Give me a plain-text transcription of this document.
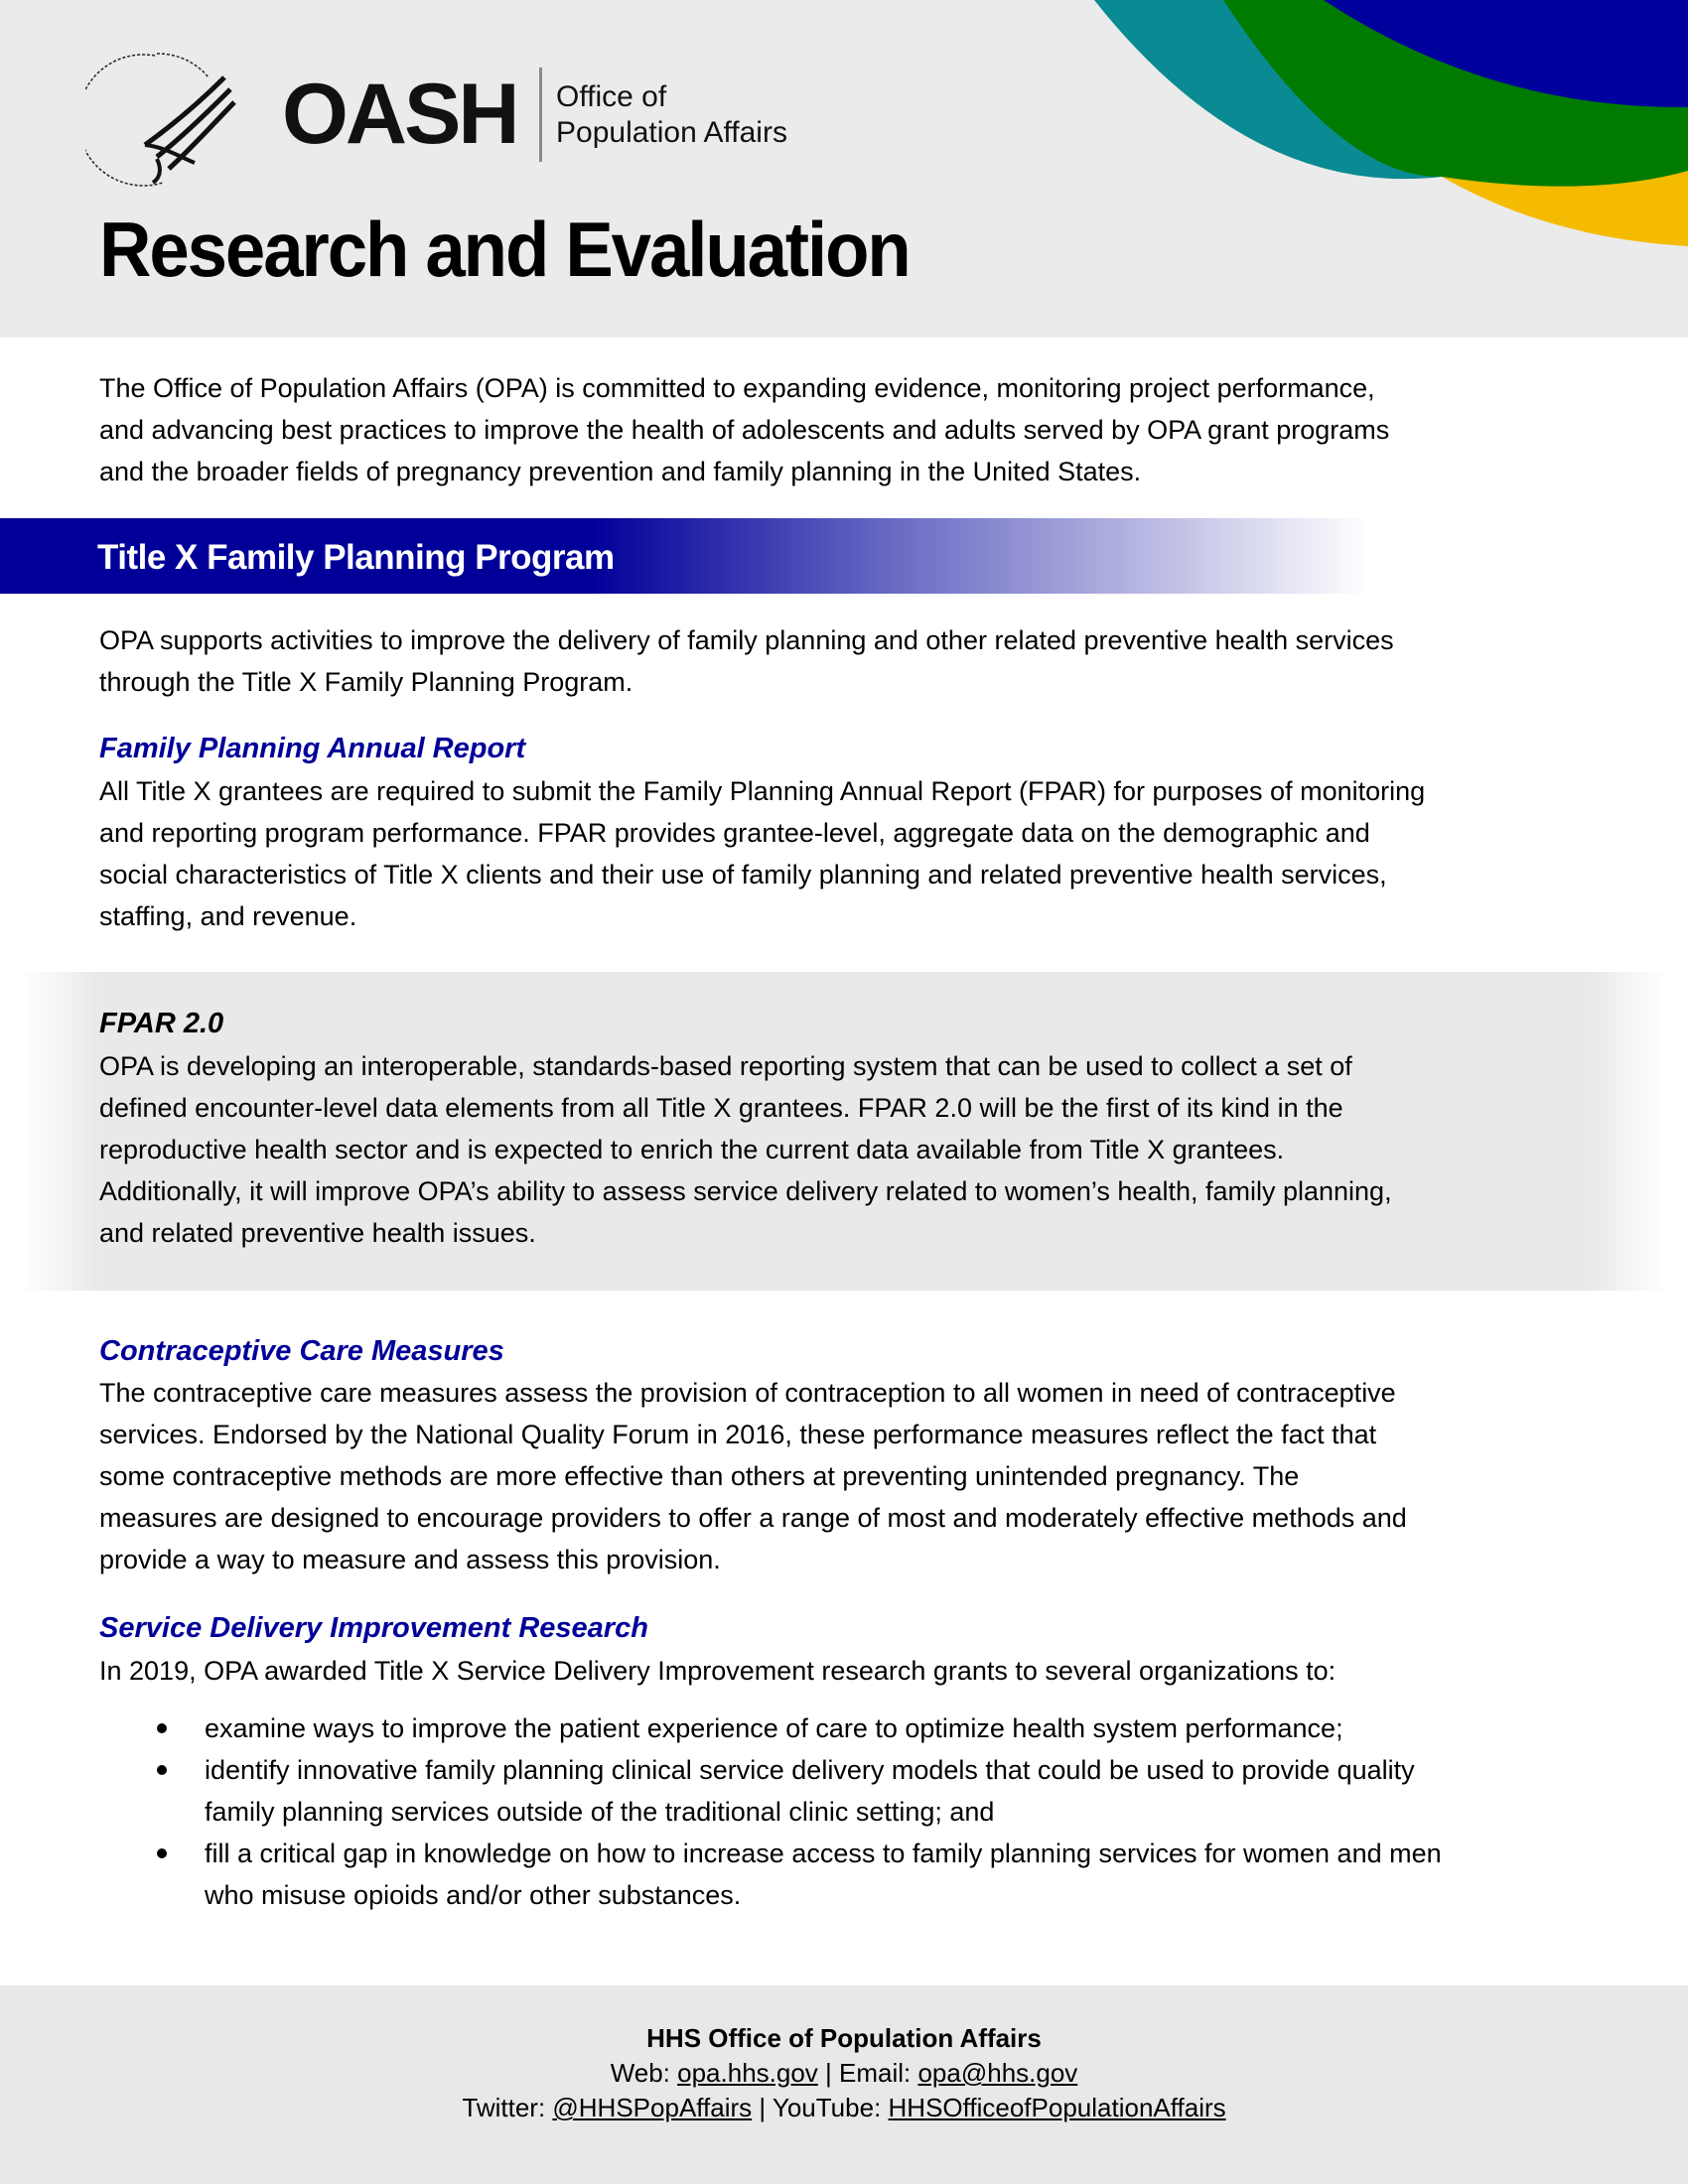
OASH Office of
Population Affairs
Research and Evaluation
The Office of Population Affairs (OPA) is committed to expanding evidence, monitoring project performance,
and advancing best practices to improve the health of adolescents and adults served by OPA grant programs
and the broader fields of pregnancy prevention and family planning in the United States.
Title X Family Planning Program
OPA supports activities to improve the delivery of family planning and other related preventive health services
through the Title X Family Planning Program.
Family Planning Annual Report
All Title X grantees are required to submit the Family Planning Annual Report (FPAR) for purposes of monitoring
and reporting program performance. FPAR provides grantee-level, aggregate data on the demographic and
social characteristics of Title X clients and their use of family planning and related preventive health services,
staffing, and revenue.
FPAR 2.0
OPA is developing an interoperable, standards-based reporting system that can be used to collect a set of
defined encounter-level data elements from all Title X grantees. FPAR 2.0 will be the first of its kind in the
reproductive health sector and is expected to enrich the current data available from Title X grantees.
Additionally, it will improve OPA’s ability to assess service delivery related to women’s health, family planning,
and related preventive health issues.
Contraceptive Care Measures
The contraceptive care measures assess the provision of contraception to all women in need of contraceptive
services. Endorsed by the National Quality Forum in 2016, these performance measures reflect the fact that
some contraceptive methods are more effective than others at preventing unintended pregnancy. The
measures are designed to encourage providers to offer a range of most and moderately effective methods and
provide a way to measure and assess this provision.
Service Delivery Improvement Research
In 2019, OPA awarded Title X Service Delivery Improvement research grants to several organizations to:
examine ways to improve the patient experience of care to optimize health system performance;
identify innovative family planning clinical service delivery models that could be used to provide quality
family planning services outside of the traditional clinic setting; and
fill a critical gap in knowledge on how to increase access to family planning services for women and men
who misuse opioids and/or other substances.
HHS Office of Population Affairs
Web: opa.hhs.gov | Email: opa@hhs.gov
Twitter: @HHSPopAffairs | YouTube: HHSOfficeofPopulationAffairs
